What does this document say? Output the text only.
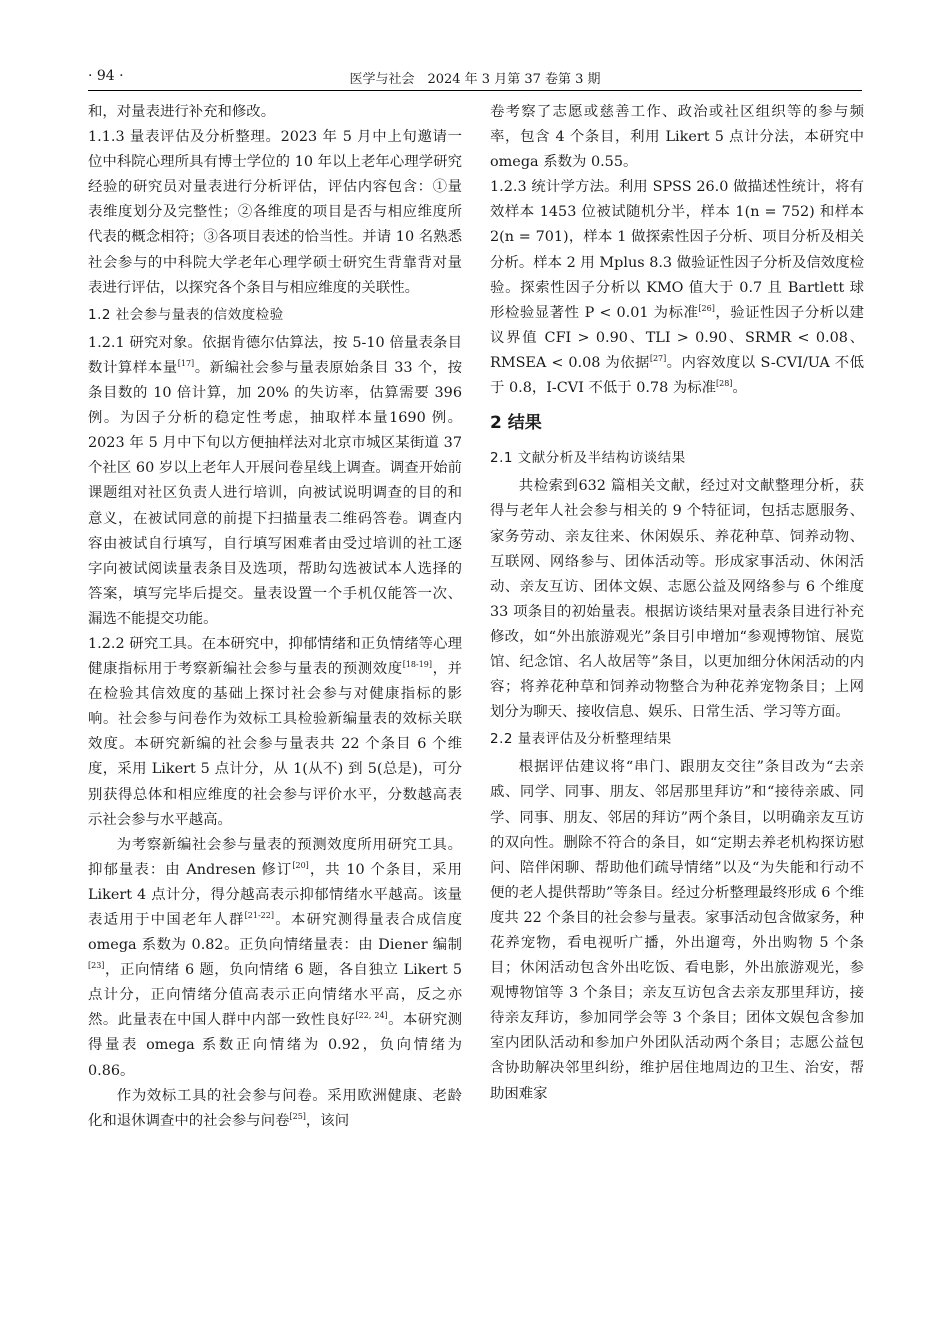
· 94 ·	医学与社会　2024 年 3 月第 37 卷第 3 期

和，对量表进行补充和修改。

1.1.3 量表评估及分析整理。2023 年 5 月中上旬邀请一位中科院心理所具有博士学位的 10 年以上老年心理学研究经验的研究员对量表进行分析评估，评估内容包含：①量表维度划分及完整性；②各维度的项目是否与相应维度所代表的概念相符；③各项目表述的恰当性。并请 10 名熟悉社会参与的中科院大学老年心理学硕士研究生背靠背对量表进行评估，以探究各个条目与相应维度的关联性。

1.2 社会参与量表的信效度检验

1.2.1 研究对象。依据肯德尔估算法，按 5-10 倍量表条目数计算样本量[17]。新编社会参与量表原始条目 33 个，按条目数的 10 倍计算，加 20% 的失访率，估算需要 396 例。为因子分析的稳定性考虑，抽取样本量1690 例。2023 年 5 月中下旬以方便抽样法对北京市城区某街道 37 个社区 60 岁以上老年人开展问卷星线上调查。调查开始前课题组对社区负责人进行培训，向被试说明调查的目的和意义，在被试同意的前提下扫描量表二维码答卷。调查内容由被试自行填写，自行填写困难者由受过培训的社工逐字向被试阅读量表条目及选项，帮助勾选被试本人选择的答案，填写完毕后提交。量表设置一个手机仅能答一次、漏选不能提交功能。

1.2.2 研究工具。在本研究中，抑郁情绪和正负情绪等心理健康指标用于考察新编社会参与量表的预测效度[18-19]，并在检验其信效度的基础上探讨社会参与对健康指标的影响。社会参与问卷作为效标工具检验新编量表的效标关联效度。本研究新编的社会参与量表共 22 个条目 6 个维度，采用 Likert 5 点计分，从 1(从不) 到 5(总是)，可分别获得总体和相应维度的社会参与评价水平，分数越高表示社会参与水平越高。

为考察新编社会参与量表的预测效度所用研究工具。抑郁量表：由 Andresen 修订[20]，共 10 个条目，采用 Likert 4 点计分，得分越高表示抑郁情绪水平越高。该量表适用于中国老年人群[21-22]。本研究测得量表合成信度 omega 系数为 0.82。正负向情绪量表：由 Diener 编制[23]，正向情绪 6 题，负向情绪 6 题，各自独立 Likert 5 点计分，正向情绪分值高表示正向情绪水平高，反之亦然。此量表在中国人群中内部一致性良好[22, 24]。本研究测得量表 omega 系数正向情绪为 0.92，负向情绪为 0.86。

作为效标工具的社会参与问卷。采用欧洲健康、老龄化和退休调查中的社会参与问卷[25]，该问

卷考察了志愿或慈善工作、政治或社区组织等的参与频率，包含 4 个条目，利用 Likert 5 点计分法，本研究中 omega 系数为 0.55。

1.2.3 统计学方法。利用 SPSS 26.0 做描述性统计，将有效样本 1453 位被试随机分半，样本 1(n = 752) 和样本 2(n = 701)，样本 1 做探索性因子分析、项目分析及相关分析。样本 2 用 Mplus 8.3 做验证性因子分析及信效度检验。探索性因子分析以 KMO 值大于 0.7 且 Bartlett 球形检验显著性 P < 0.01 为标准[26]，验证性因子分析以建议界值 CFI > 0.90、TLI > 0.90、SRMR < 0.08、RMSEA < 0.08 为依据[27]。内容效度以 S-CVI/UA 不低于 0.8，I-CVI 不低于 0.78 为标准[28]。

2 结果
2.1 文献分析及半结构访谈结果

共检索到632 篇相关文献，经过对文献整理分析，获得与老年人社会参与相关的 9 个特征词，包括志愿服务、家务劳动、亲友往来、休闲娱乐、养花种草、饲养动物、互联网、网络参与、团体活动等。形成家事活动、休闲活动、亲友互访、团体文娱、志愿公益及网络参与 6 个维度 33 项条目的初始量表。根据访谈结果对量表条目进行补充修改，如“外出旅游观光”条目引申增加“参观博物馆、展览馆、纪念馆、名人故居等”条目，以更加细分休闲活动的内容；将养花种草和饲养动物整合为种花养宠物条目；上网划分为聊天、接收信息、娱乐、日常生活、学习等方面。

2.2 量表评估及分析整理结果

根据评估建议将“串门、跟朋友交往”条目改为“去亲戚、同学、同事、朋友、邻居那里拜访”和“接待亲戚、同学、同事、朋友、邻居的拜访”两个条目，以明确亲友互访的双向性。删除不符合的条目，如“定期去养老机构探访慰问、陪伴闲聊、帮助他们疏导情绪”以及“为失能和行动不便的老人提供帮助”等条目。经过分析整理最终形成 6 个维度共 22 个条目的社会参与量表。家事活动包含做家务，种花养宠物，看电视听广播，外出遛弯，外出购物 5 个条目；休闲活动包含外出吃饭、看电影，外出旅游观光，参观博物馆等 3 个条目；亲友互访包含去亲友那里拜访，接待亲友拜访，参加同学会等 3 个条目；团体文娱包含参加室内团队活动和参加户外团队活动两个条目；志愿公益包含协助解决邻里纠纷，维护居住地周边的卫生、治安，帮助困难家
